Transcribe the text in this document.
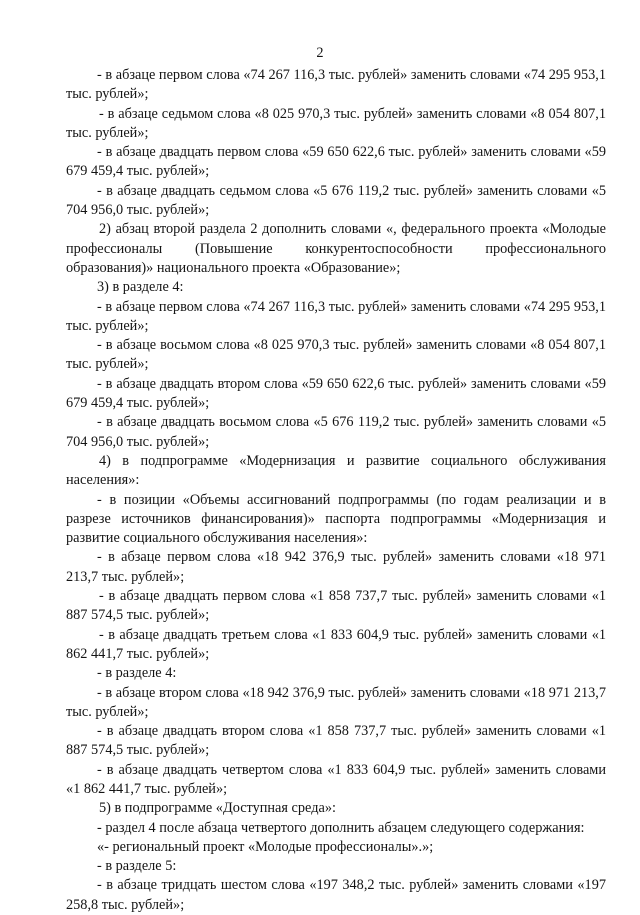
2

- в абзаце первом слова «74 267 116,3 тыс. рублей» заменить словами «74 295 953,1 тыс. рублей»;

- в абзаце седьмом слова «8 025 970,3 тыс. рублей» заменить словами «8 054 807,1 тыс. рублей»;

- в абзаце двадцать первом слова «59 650 622,6 тыс. рублей» заменить словами «59 679 459,4 тыс. рублей»;

- в абзаце двадцать седьмом слова «5 676 119,2 тыс. рублей» заменить словами «5 704 956,0 тыс. рублей»;

2) абзац второй раздела 2 дополнить словами «, федерального проекта «Молодые профессионалы (Повышение конкурентоспособности профессионального образования)» национального проекта «Образование»;

3) в разделе 4:

- в абзаце первом слова «74 267 116,3 тыс. рублей» заменить словами «74 295 953,1 тыс. рублей»;

- в абзаце восьмом слова «8 025 970,3 тыс. рублей» заменить словами «8 054 807,1 тыс. рублей»;

- в абзаце двадцать втором слова «59 650 622,6 тыс. рублей» заменить словами «59 679 459,4 тыс. рублей»;

- в абзаце двадцать восьмом слова «5 676 119,2 тыс. рублей» заменить словами «5 704 956,0 тыс. рублей»;

4) в подпрограмме «Модернизация и развитие социального обслуживания населения»:

- в позиции «Объемы ассигнований подпрограммы (по годам реализации и в разрезе источников финансирования)» паспорта подпрограммы «Модернизация и развитие социального обслуживания населения»:

- в абзаце первом слова «18 942 376,9 тыс. рублей» заменить словами «18 971 213,7 тыс. рублей»;

- в абзаце двадцать первом слова «1 858 737,7 тыс. рублей» заменить словами «1 887 574,5 тыс. рублей»;

- в абзаце двадцать третьем слова «1 833 604,9 тыс. рублей» заменить словами «1 862 441,7 тыс. рублей»;

- в разделе 4:

- в абзаце втором слова «18 942 376,9 тыс. рублей» заменить словами «18 971 213,7 тыс. рублей»;

- в абзаце двадцать втором слова «1 858 737,7 тыс. рублей» заменить словами «1 887 574,5 тыс. рублей»;

- в абзаце двадцать четвертом слова «1 833 604,9 тыс. рублей» заменить словами «1 862 441,7 тыс. рублей»;

5) в подпрограмме «Доступная среда»:

- раздел 4 после абзаца четвертого дополнить абзацем следующего содержания:

«- региональный проект «Молодые профессионалы».»;

- в разделе 5:

- в абзаце тридцать шестом слова «197 348,2 тыс. рублей» заменить словами «197 258,8 тыс. рублей»;
